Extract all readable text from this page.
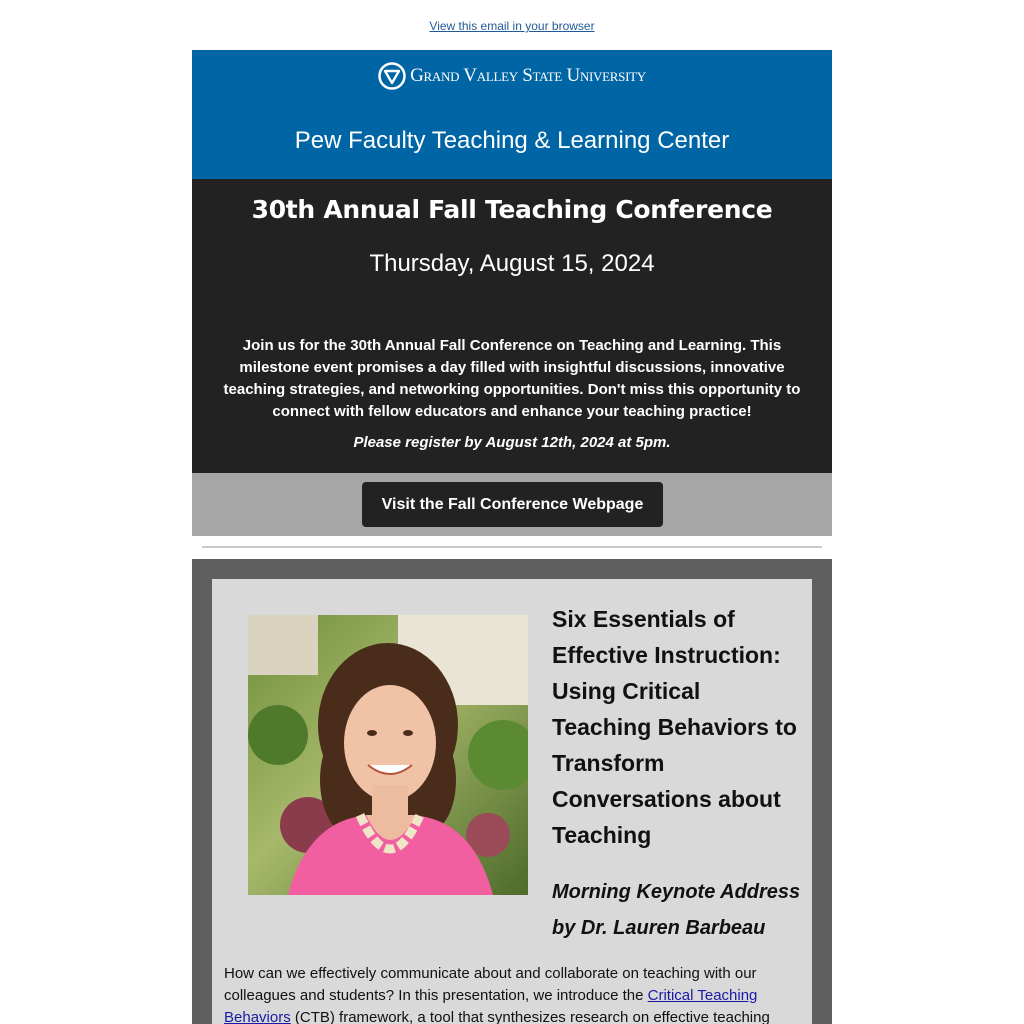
View this email in your browser
Grand Valley State University
Pew Faculty Teaching & Learning Center
30th Annual Fall Teaching Conference
Thursday, August 15, 2024
Join us for the 30th Annual Fall Conference on Teaching and Learning. This milestone event promises a day filled with insightful discussions, innovative teaching strategies, and networking opportunities. Don't miss this opportunity to connect with fellow educators and enhance your teaching practice!
Please register by August 12th, 2024 at 5pm.
Visit the Fall Conference Webpage
Six Essentials of Effective Instruction: Using Critical Teaching Behaviors to Transform Conversations about Teaching
Morning Keynote Address by Dr. Lauren Barbeau
How can we effectively communicate about and collaborate on teaching with our colleagues and students? In this presentation, we introduce the Critical Teaching Behaviors (CTB) framework, a tool that synthesizes research on effective teaching
